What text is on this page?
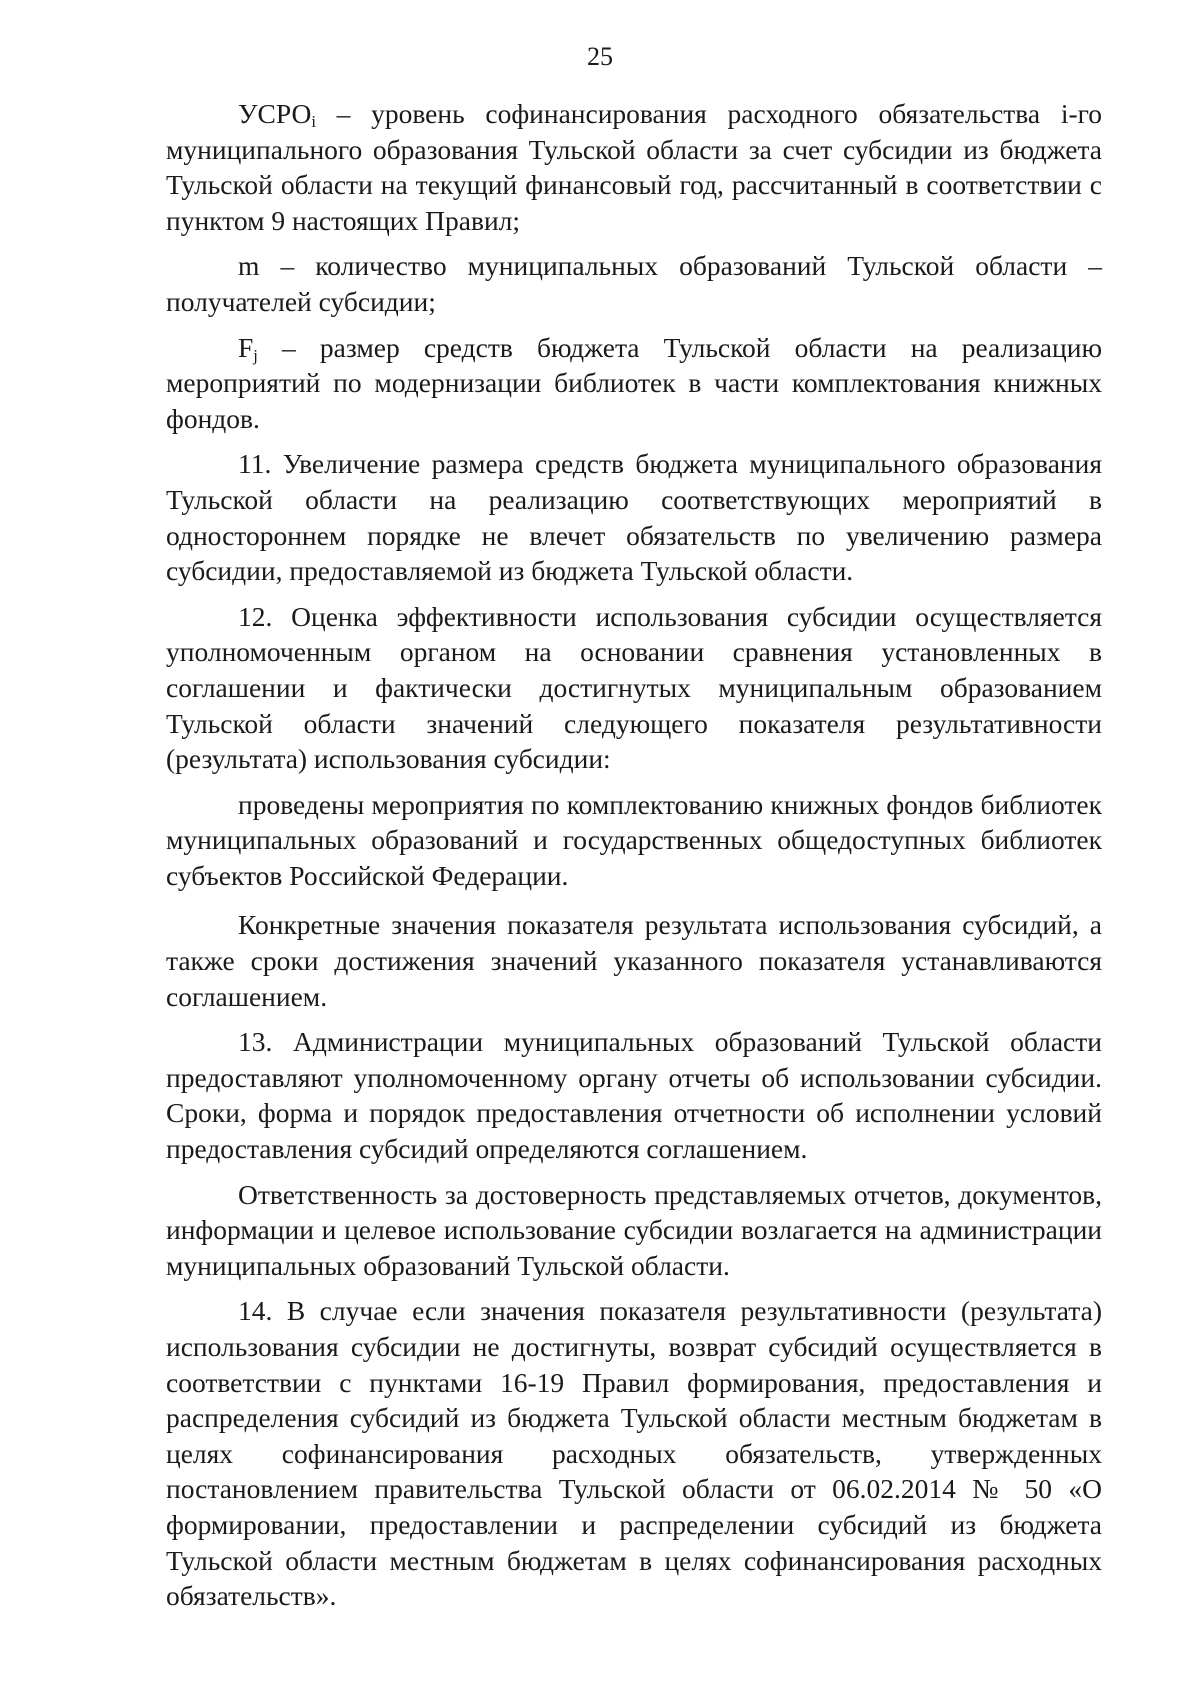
25

$УСРО_i$ – уровень софинансирования расходного обязательства i-го муниципального образования Тульской области за счет субсидии из бюджета Тульской области на текущий финансовый год, рассчитанный в соответствии с пунктом 9 настоящих Правил;

m – количество муниципальных образований Тульской области – получателей субсидии;

$F_j$ – размер средств бюджета Тульской области на реализацию мероприятий по модернизации библиотек в части комплектования книжных фондов.

11. Увеличение размера средств бюджета муниципального образования Тульской области на реализацию соответствующих мероприятий в одностороннем порядке не влечет обязательств по увеличению размера субсидии, предоставляемой из бюджета Тульской области.

12. Оценка эффективности использования субсидии осуществляется уполномоченным органом на основании сравнения установленных в соглашении и фактически достигнутых муниципальным образованием Тульской области значений следующего показателя результативности (результата) использования субсидии:

проведены мероприятия по комплектованию книжных фондов библиотек муниципальных образований и государственных общедоступных библиотек субъектов Российской Федерации.

Конкретные значения показателя результата использования субсидий, а также сроки достижения значений указанного показателя устанавливаются соглашением.

13. Администрации муниципальных образований Тульской области предоставляют уполномоченному органу отчеты об использовании субсидии. Сроки, форма и порядок предоставления отчетности об исполнении условий предоставления субсидий определяются соглашением.

Ответственность за достоверность представляемых отчетов, документов, информации и целевое использование субсидии возлагается на администрации муниципальных образований Тульской области.

14. В случае если значения показателя результативности (результата) использования субсидии не достигнуты, возврат субсидий осуществляется в соответствии с пунктами 16-19 Правил формирования, предоставления и распределения субсидий из бюджета Тульской области местным бюджетам в целях софинансирования расходных обязательств, утвержденных постановлением правительства Тульской области от 06.02.2014 № 50 «О формировании, предоставлении и распределении субсидий из бюджета Тульской области местным бюджетам в целях софинансирования расходных обязательств».
